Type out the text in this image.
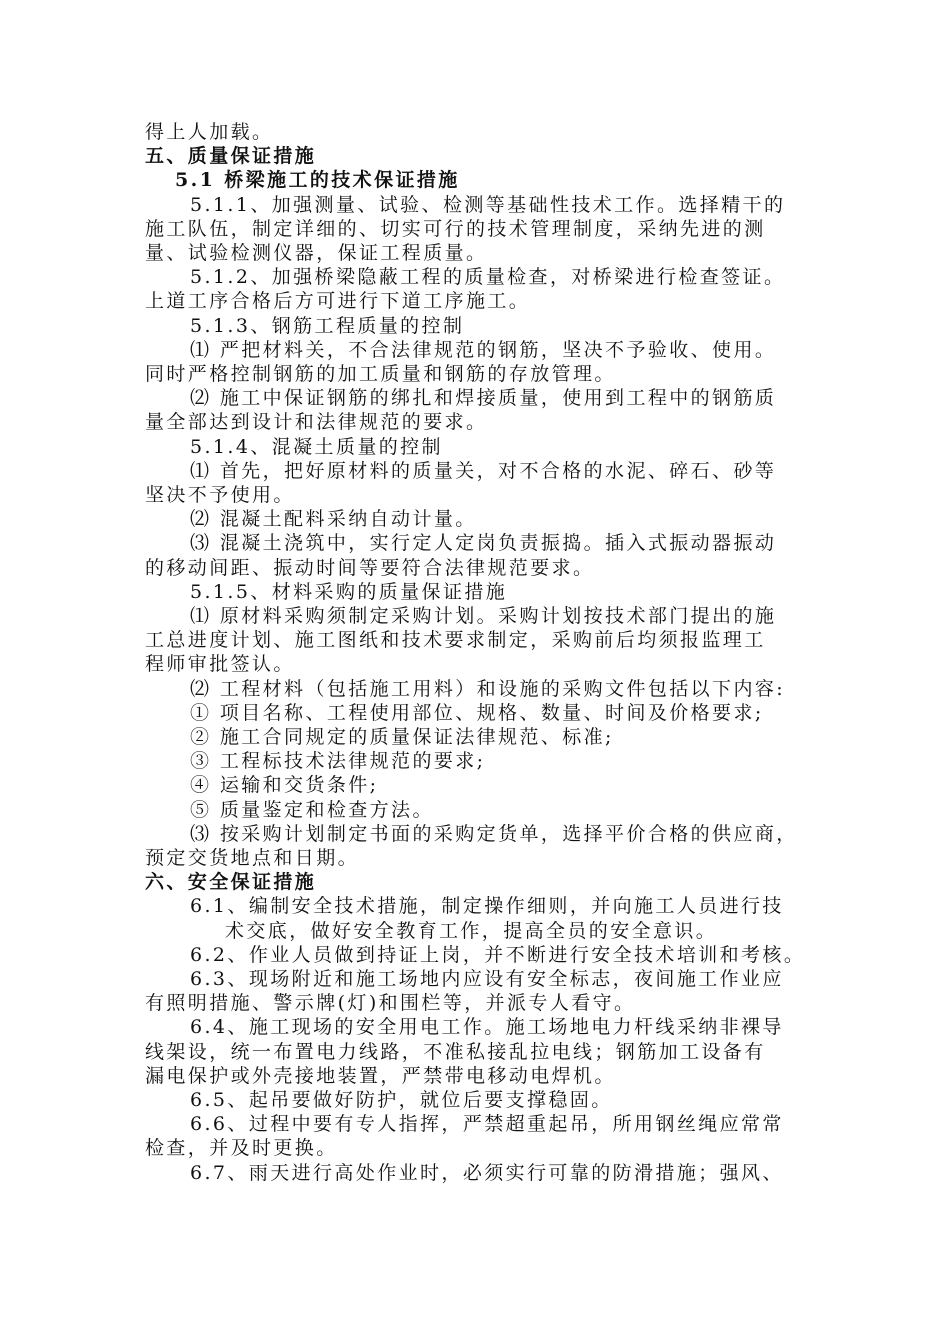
得上人加载。
五、质量保证措施
5.1 桥梁施工的技术保证措施
5.1.1、加强测量、试验、检测等基础性技术工作。选择精干的
施工队伍，制定详细的、切实可行的技术管理制度，采纳先进的测
量、试验检测仪器，保证工程质量。
5.1.2、加强桥梁隐蔽工程的质量检查，对桥梁进行检查签证。
上道工序合格后方可进行下道工序施工。
5.1.3、钢筋工程质量的控制
⑴ 严把材料关，不合法律规范的钢筋，坚决不予验收、使用。
同时严格控制钢筋的加工质量和钢筋的存放管理。
⑵ 施工中保证钢筋的绑扎和焊接质量，使用到工程中的钢筋质
量全部达到设计和法律规范的要求。
5.1.4、混凝土质量的控制
⑴ 首先，把好原材料的质量关，对不合格的水泥、碎石、砂等
坚决不予使用。
⑵ 混凝土配料采纳自动计量。
⑶ 混凝土浇筑中，实行定人定岗负责振捣。插入式振动器振动
的移动间距、振动时间等要符合法律规范要求。
5.1.5、材料采购的质量保证措施
⑴ 原材料采购须制定采购计划。采购计划按技术部门提出的施
工总进度计划、施工图纸和技术要求制定，采购前后均须报监理工
程师审批签认。
⑵ 工程材料（包括施工用料）和设施的采购文件包括以下内容:
① 项目名称、工程使用部位、规格、数量、时间及价格要求;
② 施工合同规定的质量保证法律规范、标准;
③ 工程标技术法律规范的要求;
④ 运输和交货条件;
⑤ 质量鉴定和检查方法。
⑶ 按采购计划制定书面的采购定货单，选择平价合格的供应商，
预定交货地点和日期。
六、安全保证措施
6.1、编制安全技术措施，制定操作细则，并向施工人员进行技
术交底，做好安全教育工作，提高全员的安全意识。
6.2、作业人员做到持证上岗，并不断进行安全技术培训和考核。
6.3、现场附近和施工场地内应设有安全标志，夜间施工作业应
有照明措施、警示牌(灯)和围栏等，并派专人看守。
6.4、施工现场的安全用电工作。施工场地电力杆线采纳非裸导
线架设，统一布置电力线路，不准私接乱拉电线；钢筋加工设备有
漏电保护或外壳接地装置，严禁带电移动电焊机。
6.5、起吊要做好防护，就位后要支撑稳固。
6.6、过程中要有专人指挥，严禁超重起吊，所用钢丝绳应常常
检查，并及时更换。
6.7、雨天进行高处作业时，必须实行可靠的防滑措施；强风、
